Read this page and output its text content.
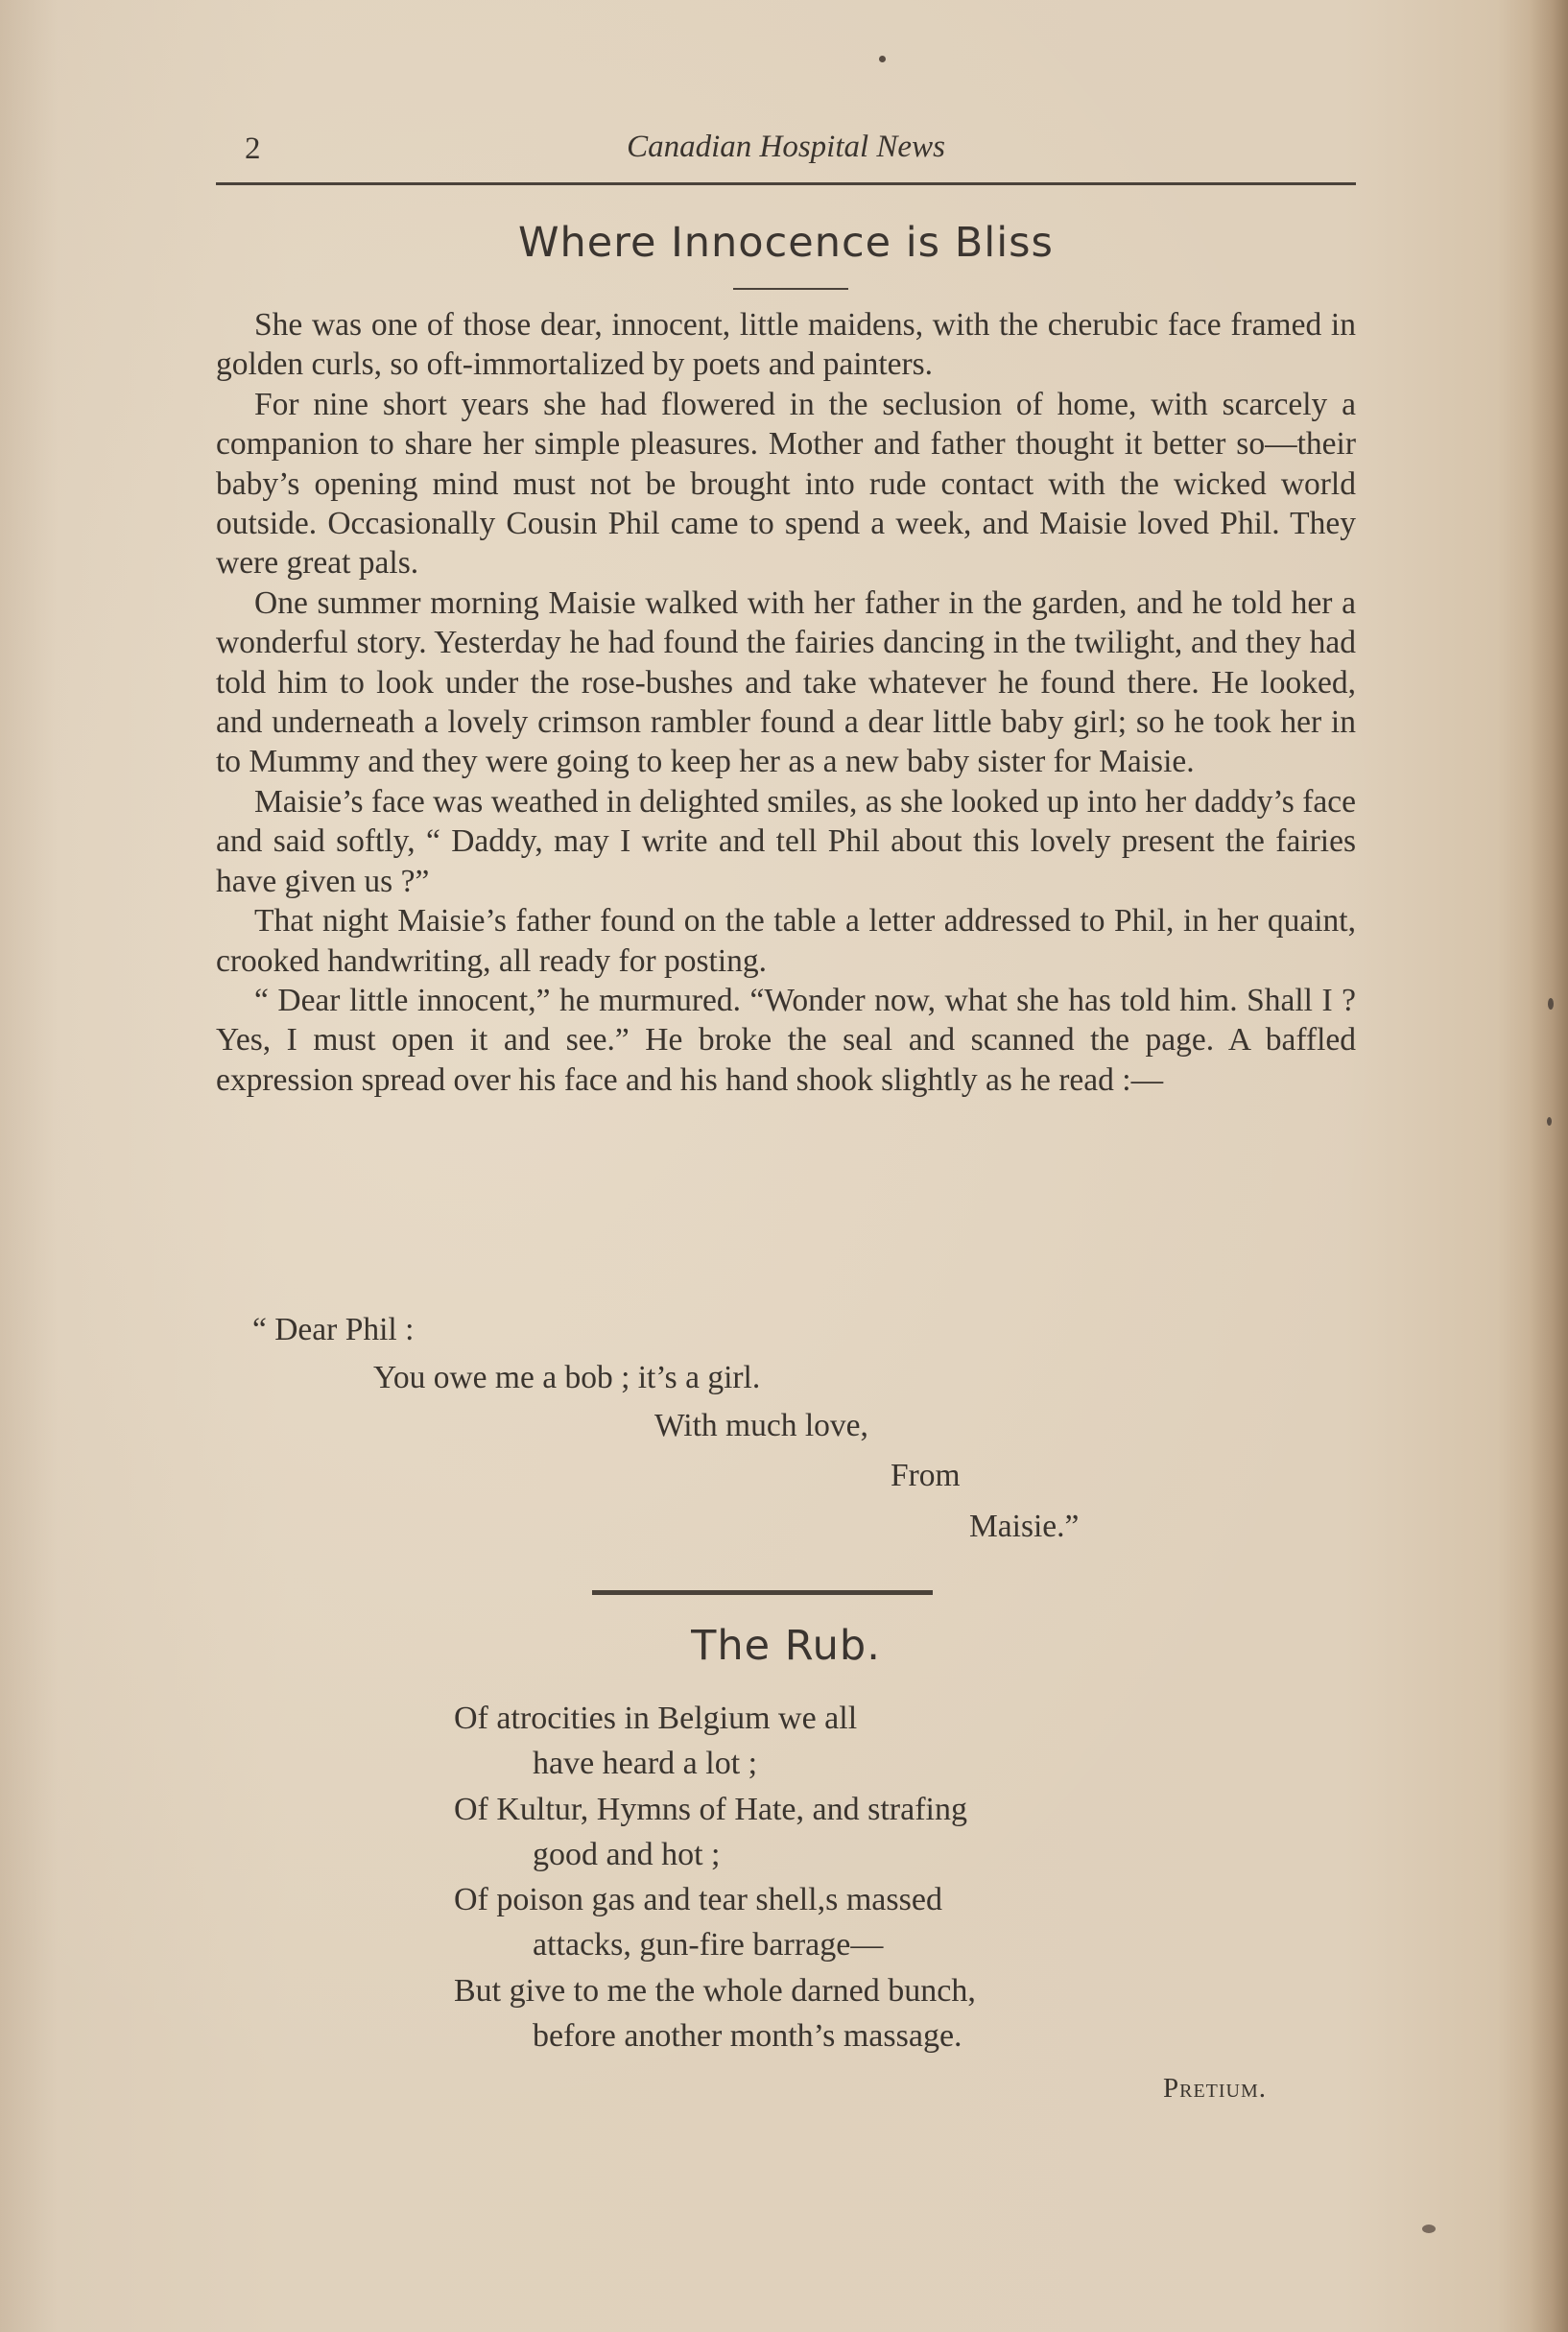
2	Canadian Hospital News
Where Innocence is Bliss

She was one of those dear, innocent, little maidens, with the cherubic face framed in golden curls, so oft-immortalized by poets and painters.

For nine short years she had flowered in the seclusion of home, with scarcely a companion to share her simple pleasures. Mother and father thought it better so—their baby’s opening mind must not be brought into rude contact with the wicked world outside. Occasionally Cousin Phil came to spend a week, and Maisie loved Phil. They were great pals.

One summer morning Maisie walked with her father in the garden, and he told her a wonderful story. Yesterday he had found the fairies dancing in the twilight, and they had told him to look under the rose-bushes and take whatever he found there. He looked, and underneath a lovely crimson rambler found a dear little baby girl; so he took her in to Mummy and they were going to keep her as a new baby sister for Maisie.

Maisie’s face was weathed in delighted smiles, as she looked up into her daddy’s face and said softly, “ Daddy, may I write and tell Phil about this lovely present the fairies have given us ?”

That night Maisie’s father found on the table a letter addressed to Phil, in her quaint, crooked handwriting, all ready for posting.

“ Dear little innocent,” he murmured. “Wonder now, what she has told him. Shall I ? Yes, I must open it and see.” He broke the seal and scanned the page. A baffled expression spread over his face and his hand shook slightly as he read :—

“ Dear Phil :
You owe me a bob ; it’s a girl.
With much love,
From
Maisie.”
The Rub.
Of atrocities in Belgium we all
have heard a lot ;
Of Kultur, Hymns of Hate, and strafing
good and hot ;
Of poison gas and tear shell,s massed
attacks, gun-fire barrage—
But give to me the whole darned bunch,
before another month’s massage.
Pretium.
